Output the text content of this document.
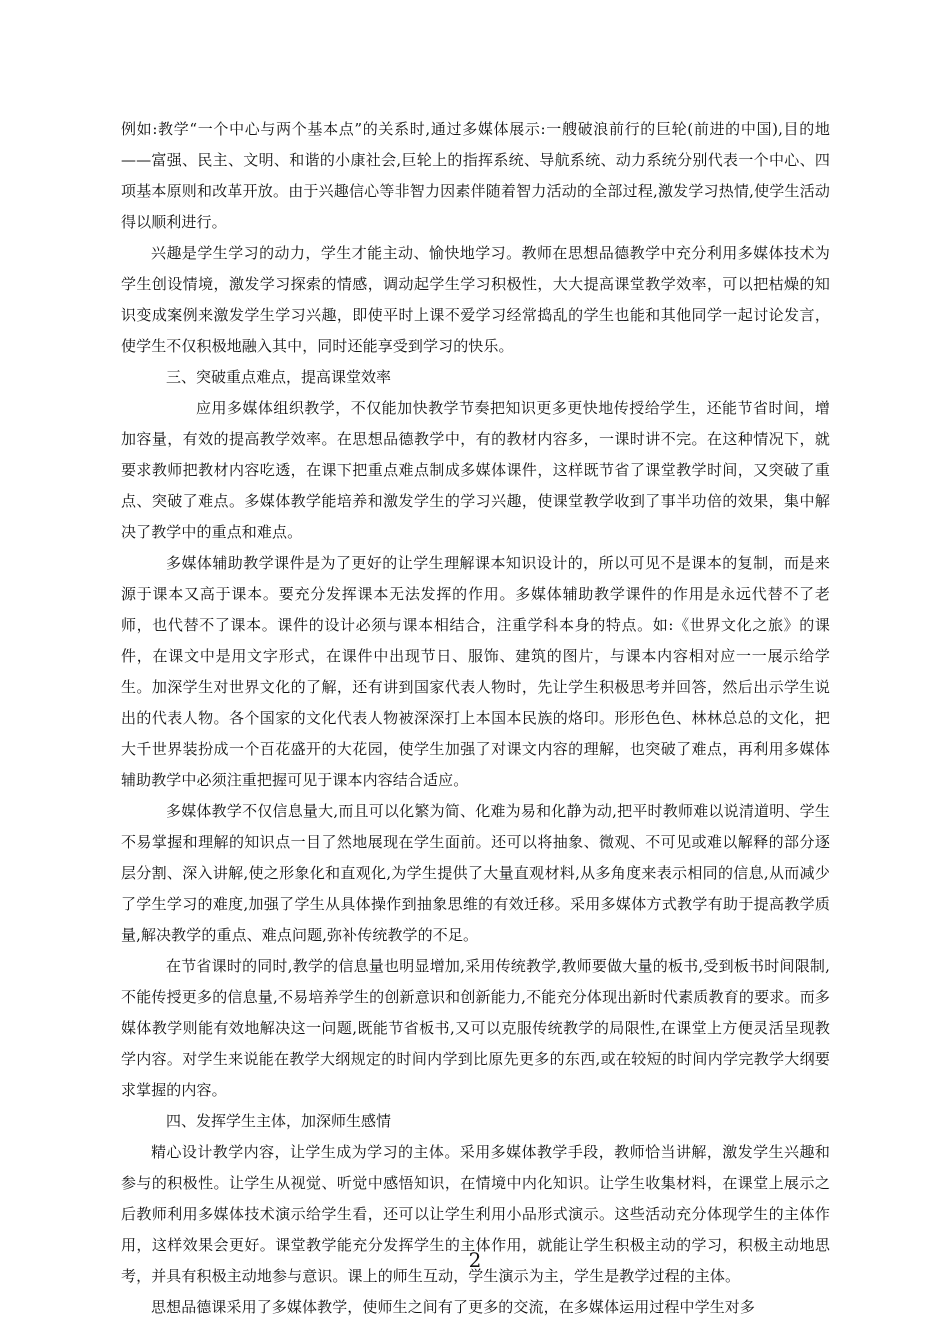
例如:教学“一个中心与两个基本点”的关系时,通过多媒体展示:一艘破浪前行的巨轮(前进的中国),目的地——富强、民主、文明、和谐的小康社会,巨轮上的指挥系统、导航系统、动力系统分别代表一个中心、四项基本原则和改革开放。由于兴趣信心等非智力因素伴随着智力活动的全部过程,激发学习热情,使学生活动得以顺利进行。

兴趣是学生学习的动力，学生才能主动、愉快地学习。教师在思想品德教学中充分利用多媒体技术为学生创设情境，激发学习探索的情感，调动起学生学习积极性，大大提高课堂教学效率，可以把枯燥的知识变成案例来激发学生学习兴趣，即使平时上课不爱学习经常捣乱的学生也能和其他同学一起讨论发言，使学生不仅积极地融入其中，同时还能享受到学习的快乐。

三、突破重点难点，提高课堂效率

应用多媒体组织教学，不仅能加快教学节奏把知识更多更快地传授给学生，还能节省时间，增加容量，有效的提高教学效率。在思想品德教学中，有的教材内容多，一课时讲不完。在这种情况下，就要求教师把教材内容吃透，在课下把重点难点制成多媒体课件，这样既节省了课堂教学时间，又突破了重点、突破了难点。多媒体教学能培养和激发学生的学习兴趣，使课堂教学收到了事半功倍的效果，集中解决了教学中的重点和难点。

多媒体辅助教学课件是为了更好的让学生理解课本知识设计的，所以可见不是课本的复制，而是来源于课本又高于课本。要充分发挥课本无法发挥的作用。多媒体辅助教学课件的作用是永远代替不了老师，也代替不了课本。课件的设计必须与课本相结合，注重学科本身的特点。如:《世界文化之旅》的课件，在课文中是用文字形式，在课件中出现节日、服饰、建筑的图片，与课本内容相对应一一展示给学生。加深学生对世界文化的了解，还有讲到国家代表人物时，先让学生积极思考并回答，然后出示学生说出的代表人物。各个国家的文化代表人物被深深打上本国本民族的烙印。形形色色、林林总总的文化，把大千世界装扮成一个百花盛开的大花园，使学生加强了对课文内容的理解，也突破了难点，再利用多媒体辅助教学中必须注重把握可见于课本内容结合适应。

多媒体教学不仅信息量大,而且可以化繁为简、化难为易和化静为动,把平时教师难以说清道明、学生不易掌握和理解的知识点一目了然地展现在学生面前。还可以将抽象、微观、不可见或难以解释的部分逐层分割、深入讲解,使之形象化和直观化,为学生提供了大量直观材料,从多角度来表示相同的信息,从而减少了学生学习的难度,加强了学生从具体操作到抽象思维的有效迁移。采用多媒体方式教学有助于提高教学质量,解决教学的重点、难点问题,弥补传统教学的不足。

在节省课时的同时,教学的信息量也明显增加,采用传统教学,教师要做大量的板书,受到板书时间限制,不能传授更多的信息量,不易培养学生的创新意识和创新能力,不能充分体现出新时代素质教育的要求。而多媒体教学则能有效地解决这一问题,既能节省板书,又可以克服传统教学的局限性,在课堂上方便灵活呈现教学内容。对学生来说能在教学大纲规定的时间内学到比原先更多的东西,或在较短的时间内学完教学大纲要求掌握的内容。

四、发挥学生主体，加深师生感情

精心设计教学内容，让学生成为学习的主体。采用多媒体教学手段，教师恰当讲解，激发学生兴趣和参与的积极性。让学生从视觉、听觉中感悟知识，在情境中内化知识。让学生收集材料，在课堂上展示之后教师利用多媒体技术演示给学生看，还可以让学生利用小品形式演示。这些活动充分体现学生的主体作用，这样效果会更好。课堂教学能充分发挥学生的主体作用，就能让学生积极主动的学习，积极主动地思考，并具有积极主动地参与意识。课上的师生互动，学生演示为主，学生是教学过程的主体。

思想品德课采用了多媒体教学，使师生之间有了更多的交流，在多媒体运用过程中学生对多

2
